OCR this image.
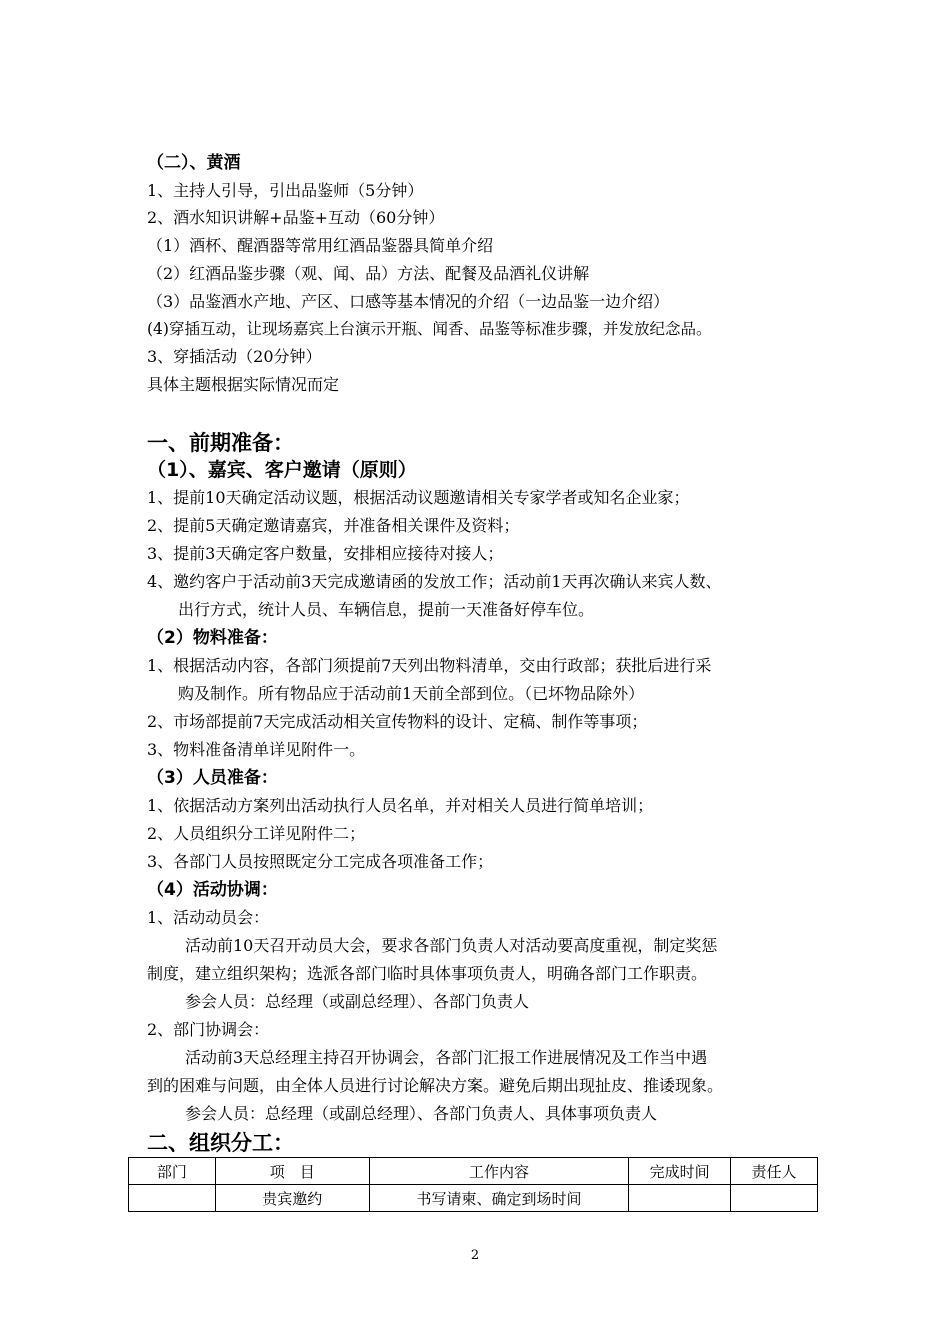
（二）、黄酒
1、主持人引导，引出品鉴师（5分钟）
2、酒水知识讲解+品鉴+互动（60分钟）
（1）酒杯、醒酒器等常用红酒品鉴器具简单介绍
（2）红酒品鉴步骤（观、闻、品）方法、配餐及品酒礼仪讲解
（3）品鉴酒水产地、产区、口感等基本情况的介绍（一边品鉴一边介绍）
(4)穿插互动，让现场嘉宾上台演示开瓶、闻香、品鉴等标准步骤，并发放纪念品。
3、穿插活动（20分钟）
具体主题根据实际情况而定
一、前期准备：
（1）、嘉宾、客户邀请（原则）
1、提前10天确定活动议题，根据活动议题邀请相关专家学者或知名企业家；
2、提前5天确定邀请嘉宾，并准备相关课件及资料；
3、提前3天确定客户数量，安排相应接待对接人；
4、邀约客户于活动前3天完成邀请函的发放工作；活动前1天再次确认来宾人数、
出行方式，统计人员、车辆信息，提前一天准备好停车位。
（2）物料准备：
1、根据活动内容，各部门须提前7天列出物料清单，交由行政部；获批后进行采
购及制作。所有物品应于活动前1天前全部到位。（已坏物品除外）
2、市场部提前7天完成活动相关宣传物料的设计、定稿、制作等事项；
3、物料准备清单详见附件一。
（3）人员准备：
1、依据活动方案列出活动执行人员名单，并对相关人员进行简单培训；
2、人员组织分工详见附件二；
3、各部门人员按照既定分工完成各项准备工作；
（4）活动协调：
1、活动动员会：
活动前10天召开动员大会，要求各部门负责人对活动要高度重视，制定奖惩
制度，建立组织架构；选派各部门临时具体事项负责人，明确各部门工作职责。
参会人员：总经理（或副总经理）、各部门负责人
2、部门协调会：
活动前3天总经理主持召开协调会，各部门汇报工作进展情况及工作当中遇
到的困难与问题，由全体人员进行讨论解决方案。避免后期出现扯皮、推诿现象。
参会人员：总经理（或副总经理）、各部门负责人、具体事项负责人
二、组织分工：
部门	项　目	工作内容	完成时间	责任人
	贵宾邀约	书写请柬、确定到场时间		
2
